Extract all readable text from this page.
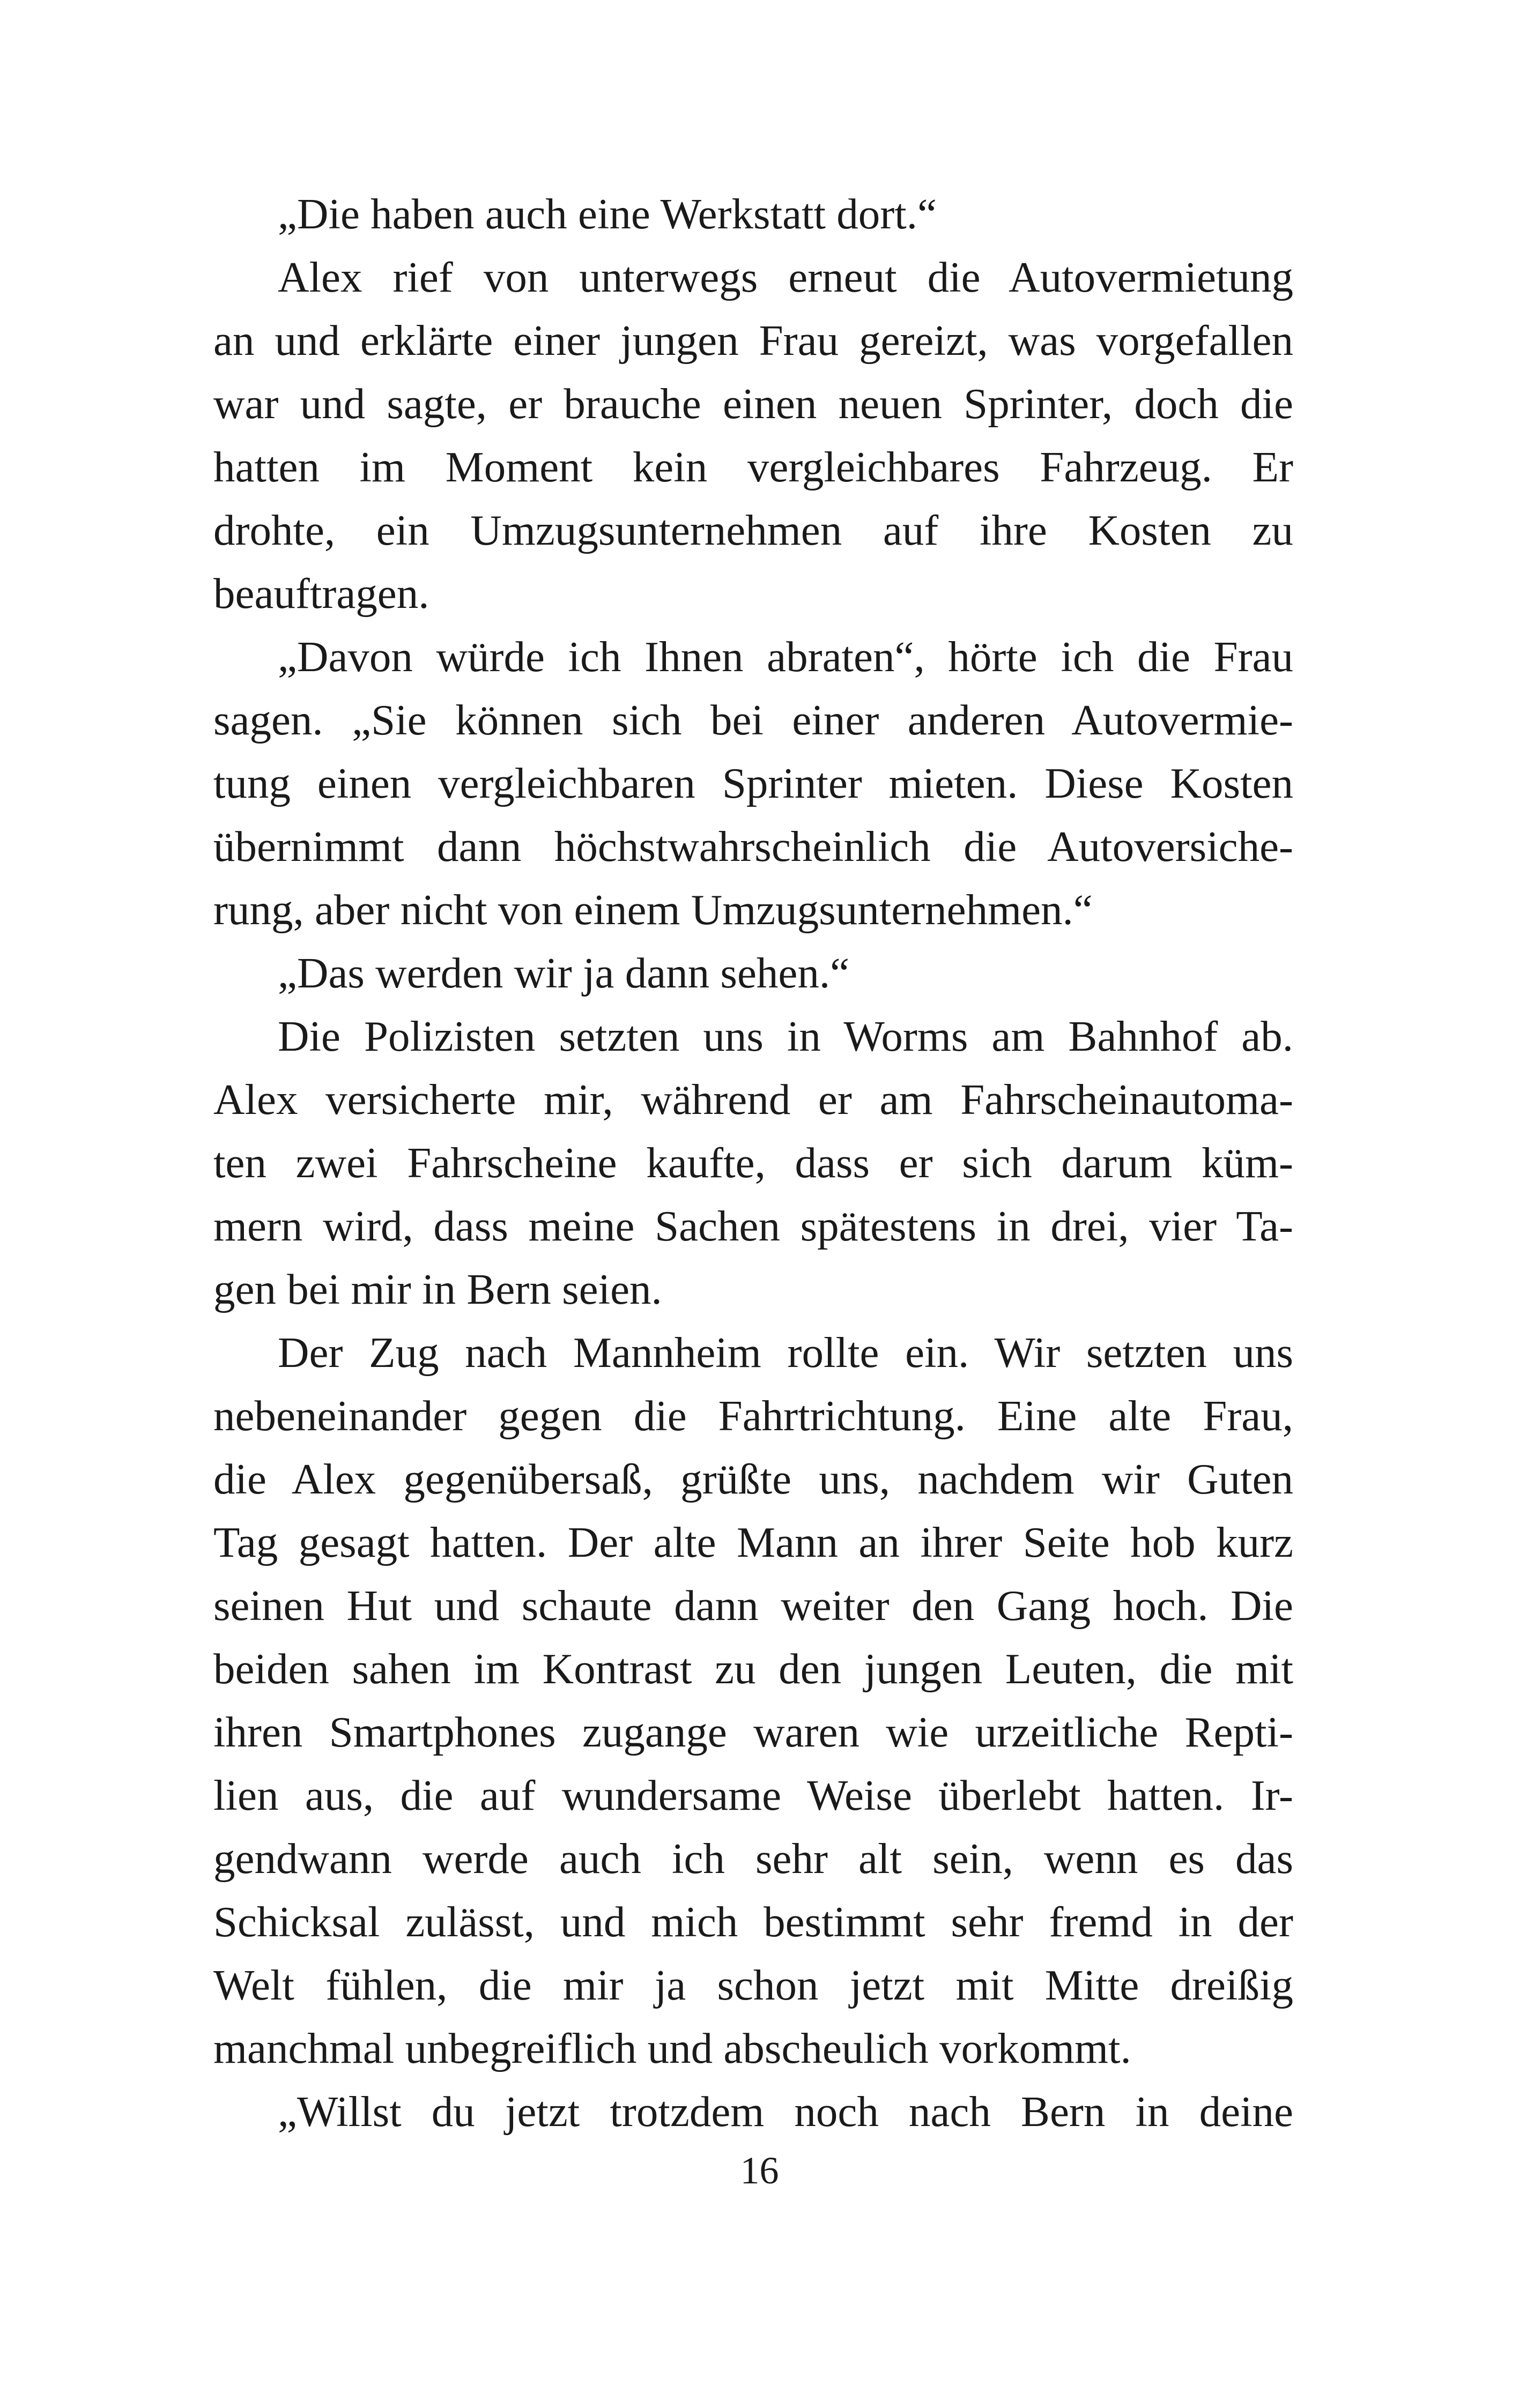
„Die haben auch eine Werkstatt dort.“
Alex rief von unterwegs erneut die Autovermietung
an und erklärte einer jungen Frau gereizt, was vorgefallen
war und sagte, er brauche einen neuen Sprinter, doch die
hatten im Moment kein vergleichbares Fahrzeug. Er
drohte, ein Umzugsunternehmen auf ihre Kosten zu
beauftragen.
„Davon würde ich Ihnen abraten“, hörte ich die Frau
sagen. „Sie können sich bei einer anderen Autovermie-
tung einen vergleichbaren Sprinter mieten. Diese Kosten
übernimmt dann höchstwahrscheinlich die Autoversiche-
rung, aber nicht von einem Umzugsunternehmen.“
„Das werden wir ja dann sehen.“
Die Polizisten setzten uns in Worms am Bahnhof ab.
Alex versicherte mir, während er am Fahrscheinautoma-
ten zwei Fahrscheine kaufte, dass er sich darum küm-
mern wird, dass meine Sachen spätestens in drei, vier Ta-
gen bei mir in Bern seien.
Der Zug nach Mannheim rollte ein. Wir setzten uns
nebeneinander gegen die Fahrtrichtung. Eine alte Frau,
die Alex gegenübersaß, grüßte uns, nachdem wir Guten
Tag gesagt hatten. Der alte Mann an ihrer Seite hob kurz
seinen Hut und schaute dann weiter den Gang hoch. Die
beiden sahen im Kontrast zu den jungen Leuten, die mit
ihren Smartphones zugange waren wie urzeitliche Repti-
lien aus, die auf wundersame Weise überlebt hatten. Ir-
gendwann werde auch ich sehr alt sein, wenn es das
Schicksal zulässt, und mich bestimmt sehr fremd in der
Welt fühlen, die mir ja schon jetzt mit Mitte dreißig
manchmal unbegreiflich und abscheulich vorkommt.
„Willst du jetzt trotzdem noch nach Bern in deine
16
